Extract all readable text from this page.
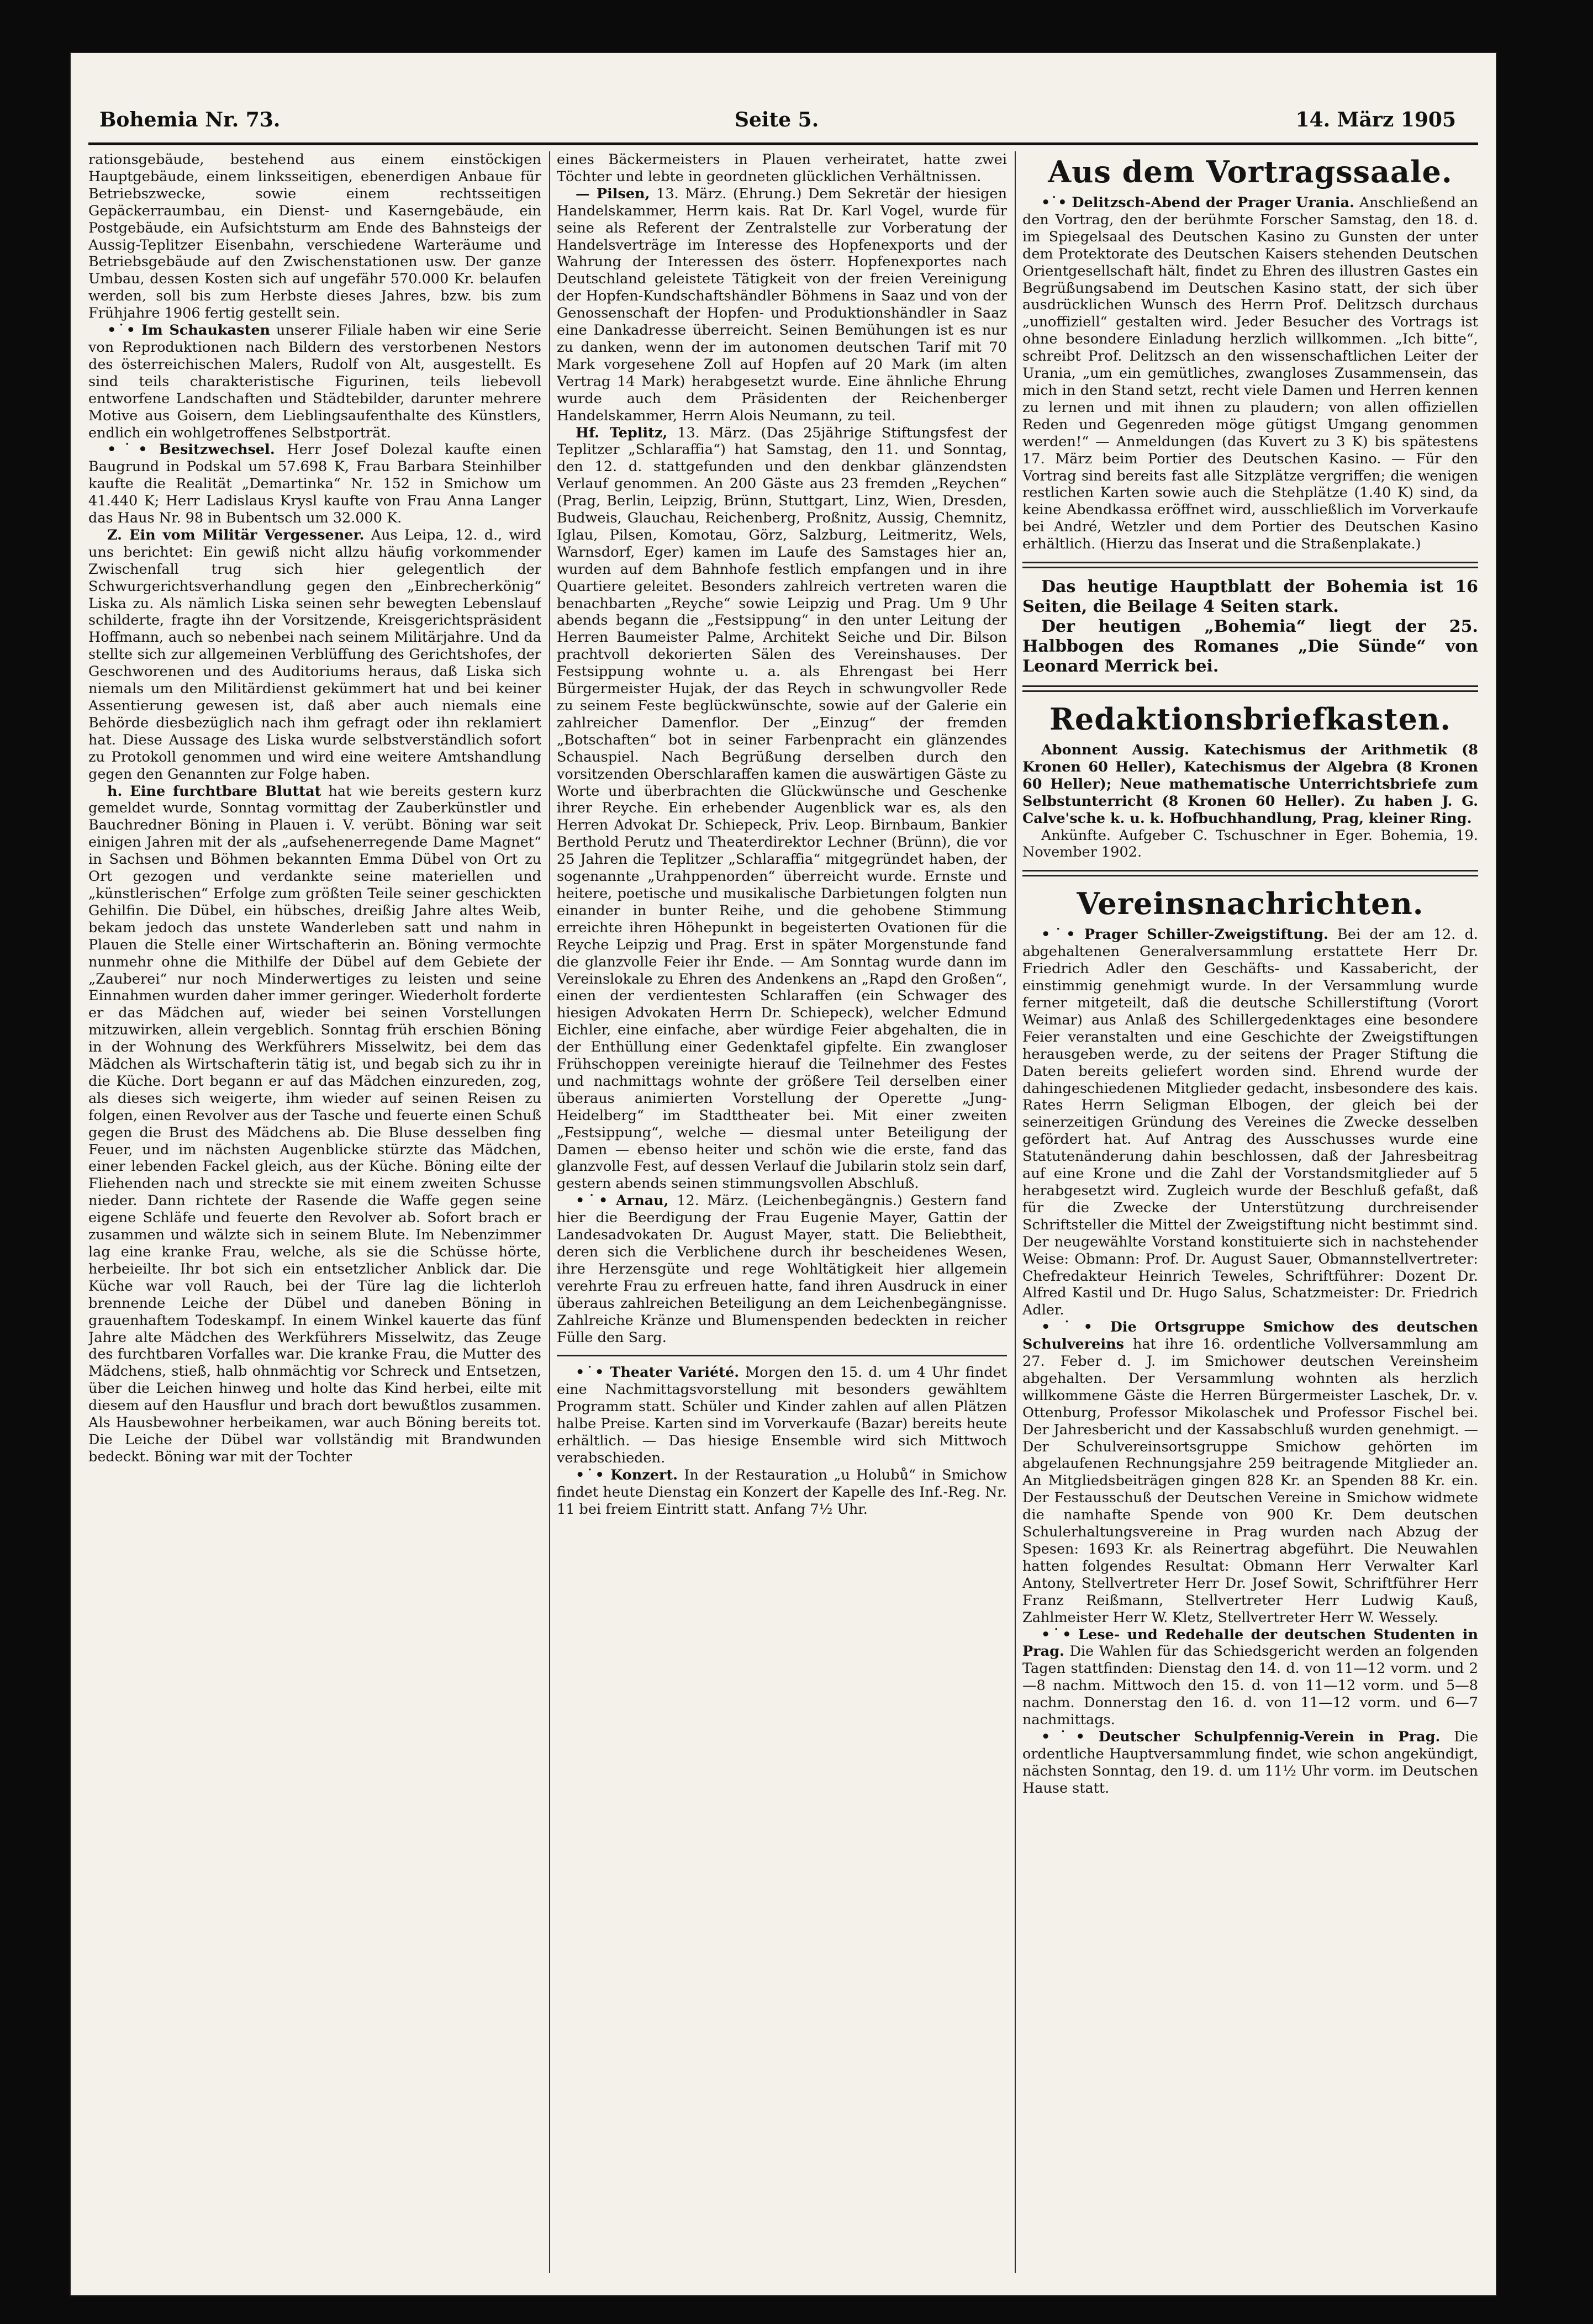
Bohemia Nr. 73.	Seite 5.	14. März 1905

rationsgebäude, bestehend aus einem einstöckigen Hauptgebäude, einem linksseitigen, ebenerdigen Anbaue für Betriebszwecke, sowie einem rechtsseitigen Gepäckerraumbau, ein Dienst- und Kaserngebäude, ein Postgebäude, ein Aufsichtsturm am Ende des Bahnsteigs der Aussig-Teplitzer Eisenbahn, verschiedene Warteräume und Betriebsgebäude auf den Zwischenstationen usw. Der ganze Umbau, dessen Kosten sich auf ungefähr 570.000 Kr. belaufen werden, soll bis zum Herbste dieses Jahres, bzw. bis zum Frühjahre 1906 fertig gestellt sein.

•˙• Im Schaukasten unserer Filiale haben wir eine Serie von Reproduktionen nach Bildern des verstorbenen Nestors des österreichischen Malers, Rudolf von Alt, ausgestellt. Es sind teils charakteristische Figurinen, teils liebevoll entworfene Landschaften und Städtebilder, darunter mehrere Motive aus Goisern, dem Lieblingsaufenthalte des Künstlers, endlich ein wohlgetroffenes Selbstporträt.

•˙• Besitzwechsel. Herr Josef Dolezal kaufte einen Baugrund in Podskal um 57.698 K, Frau Barbara Steinhilber kaufte die Realität „Demartinka“ Nr. 152 in Smichow um 41.440 K; Herr Ladislaus Krysl kaufte von Frau Anna Langer das Haus Nr. 98 in Bubentsch um 32.000 K.

Z. Ein vom Militär Vergessener. Aus Leipa, 12. d., wird uns berichtet: Ein gewiß nicht allzu häufig vorkommender Zwischenfall trug sich hier gelegentlich der Schwurgerichtsverhandlung gegen den „Einbrecherkönig“ Liska zu. Als nämlich Liska seinen sehr bewegten Lebenslauf schilderte, fragte ihn der Vorsitzende, Kreisgerichtspräsident Hoffmann, auch so nebenbei nach seinem Militärjahre. Und da stellte sich zur allgemeinen Verblüffung des Gerichtshofes, der Geschworenen und des Auditoriums heraus, daß Liska sich niemals um den Militärdienst gekümmert hat und bei keiner Assentierung gewesen ist, daß aber auch niemals eine Behörde diesbezüglich nach ihm gefragt oder ihn reklamiert hat. Diese Aussage des Liska wurde selbstverständlich sofort zu Protokoll genommen und wird eine weitere Amtshandlung gegen den Genannten zur Folge haben.

h. Eine furchtbare Bluttat hat wie bereits gestern kurz gemeldet wurde, Sonntag vormittag der Zauberkünstler und Bauchredner Böning in Plauen i. V. verübt. Böning war seit einigen Jahren mit der als „aufsehenerregende Dame Magnet“ in Sachsen und Böhmen bekannten Emma Dübel von Ort zu Ort gezogen und verdankte seine materiellen und „künstlerischen“ Erfolge zum größten Teile seiner geschickten Gehilfin. Die Dübel, ein hübsches, dreißig Jahre altes Weib, bekam jedoch das unstete Wanderleben satt und nahm in Plauen die Stelle einer Wirtschafterin an. Böning vermochte nunmehr ohne die Mithilfe der Dübel auf dem Gebiete der „Zauberei“ nur noch Minderwertiges zu leisten und seine Einnahmen wurden daher immer geringer. Wiederholt forderte er das Mädchen auf, wieder bei seinen Vorstellungen mitzuwirken, allein vergeblich. Sonntag früh erschien Böning in der Wohnung des Werkführers Misselwitz, bei dem das Mädchen als Wirtschafterin tätig ist, und begab sich zu ihr in die Küche. Dort begann er auf das Mädchen einzureden, zog, als dieses sich weigerte, ihm wieder auf seinen Reisen zu folgen, einen Revolver aus der Tasche und feuerte einen Schuß gegen die Brust des Mädchens ab. Die Bluse desselben fing Feuer, und im nächsten Augenblicke stürzte das Mädchen, einer lebenden Fackel gleich, aus der Küche. Böning eilte der Fliehenden nach und streckte sie mit einem zweiten Schusse nieder. Dann richtete der Rasende die Waffe gegen seine eigene Schläfe und feuerte den Revolver ab. Sofort brach er zusammen und wälzte sich in seinem Blute. Im Nebenzimmer lag eine kranke Frau, welche, als sie die Schüsse hörte, herbeieilte. Ihr bot sich ein entsetzlicher Anblick dar. Die Küche war voll Rauch, bei der Türe lag die lichterloh brennende Leiche der Dübel und daneben Böning in grauenhaftem Todeskampf. In einem Winkel kauerte das fünf Jahre alte Mädchen des Werkführers Misselwitz, das Zeuge des furchtbaren Vorfalles war. Die kranke Frau, die Mutter des Mädchens, stieß, halb ohnmächtig vor Schreck und Entsetzen, über die Leichen hinweg und holte das Kind herbei, eilte mit diesem auf den Hausflur und brach dort bewußtlos zusammen. Als Hausbewohner herbeikamen, war auch Böning bereits tot. Die Leiche der Dübel war vollständig mit Brandwunden bedeckt. Böning war mit der Tochter

eines Bäckermeisters in Plauen verheiratet, hatte zwei Töchter und lebte in geordneten glücklichen Verhältnissen.

— Pilsen, 13. März. (Ehrung.) Dem Sekretär der hiesigen Handelskammer, Herrn kais. Rat Dr. Karl Vogel, wurde für seine als Referent der Zentralstelle zur Vorberatung der Handelsverträge im Interesse des Hopfenexports und der Wahrung der Interessen des österr. Hopfenexportes nach Deutschland geleistete Tätigkeit von der freien Vereinigung der Hopfen-Kundschaftshändler Böhmens in Saaz und von der Genossenschaft der Hopfen- und Produktionshändler in Saaz eine Dankadresse überreicht. Seinen Bemühungen ist es nur zu danken, wenn der im autonomen deutschen Tarif mit 70 Mark vorgesehene Zoll auf Hopfen auf 20 Mark (im alten Vertrag 14 Mark) herabgesetzt wurde. Eine ähnliche Ehrung wurde auch dem Präsidenten der Reichenberger Handelskammer, Herrn Alois Neumann, zu teil.

Hf. Teplitz, 13. März. (Das 25jährige Stiftungsfest der Teplitzer „Schlaraffia“) hat Samstag, den 11. und Sonntag, den 12. d. stattgefunden und den denkbar glänzendsten Verlauf genommen. An 200 Gäste aus 23 fremden „Reychen“ (Prag, Berlin, Leipzig, Brünn, Stuttgart, Linz, Wien, Dresden, Budweis, Glauchau, Reichenberg, Proßnitz, Aussig, Chemnitz, Iglau, Pilsen, Komotau, Görz, Salzburg, Leitmeritz, Wels, Warnsdorf, Eger) kamen im Laufe des Samstages hier an, wurden auf dem Bahnhofe festlich empfangen und in ihre Quartiere geleitet. Besonders zahlreich vertreten waren die benachbarten „Reyche“ sowie Leipzig und Prag. Um 9 Uhr abends begann die „Festsippung“ in den unter Leitung der Herren Baumeister Palme, Architekt Seiche und Dir. Bilson prachtvoll dekorierten Sälen des Vereinshauses. Der Festsippung wohnte u. a. als Ehrengast bei Herr Bürgermeister Hujak, der das Reych in schwungvoller Rede zu seinem Feste beglückwünschte, sowie auf der Galerie ein zahlreicher Damenflor. Der „Einzug“ der fremden „Botschaften“ bot in seiner Farbenpracht ein glänzendes Schauspiel. Nach Begrüßung derselben durch den vorsitzenden Oberschlaraffen kamen die auswärtigen Gäste zu Worte und überbrachten die Glückwünsche und Geschenke ihrer Reyche. Ein erhebender Augenblick war es, als den Herren Advokat Dr. Schiepeck, Priv. Leop. Birnbaum, Bankier Berthold Perutz und Theaterdirektor Lechner (Brünn), die vor 25 Jahren die Teplitzer „Schlaraffia“ mitgegründet haben, der sogenannte „Urahppenorden“ überreicht wurde. Ernste und heitere, poetische und musikalische Darbietungen folgten nun einander in bunter Reihe, und die gehobene Stimmung erreichte ihren Höhepunkt in begeisterten Ovationen für die Reyche Leipzig und Prag. Erst in später Morgenstunde fand die glanzvolle Feier ihr Ende. — Am Sonntag wurde dann im Vereinslokale zu Ehren des Andenkens an „Rapd den Großen“, einen der verdientesten Schlaraffen (ein Schwager des hiesigen Advokaten Herrn Dr. Schiepeck), welcher Edmund Eichler, eine einfache, aber würdige Feier abgehalten, die in der Enthüllung einer Gedenktafel gipfelte. Ein zwangloser Frühschoppen vereinigte hierauf die Teilnehmer des Festes und nachmittags wohnte der größere Teil derselben einer überaus animierten Vorstellung der Operette „Jung-Heidelberg“ im Stadttheater bei. Mit einer zweiten „Festsippung“, welche — diesmal unter Beteiligung der Damen — ebenso heiter und schön wie die erste, fand das glanzvolle Fest, auf dessen Verlauf die Jubilarin stolz sein darf, gestern abends seinen stimmungsvollen Abschluß.

•˙• Arnau, 12. März. (Leichenbegängnis.) Gestern fand hier die Beerdigung der Frau Eugenie Mayer, Gattin der Landesadvokaten Dr. August Mayer, statt. Die Beliebtheit, deren sich die Verblichene durch ihr bescheidenes Wesen, ihre Herzensgüte und rege Wohltätigkeit hier allgemein verehrte Frau zu erfreuen hatte, fand ihren Ausdruck in einer überaus zahlreichen Beteiligung an dem Leichenbegängnisse. Zahlreiche Kränze und Blumenspenden bedeckten in reicher Fülle den Sarg.

•˙• Theater Variété. Morgen den 15. d. um 4 Uhr findet eine Nachmittagsvorstellung mit besonders gewähltem Programm statt. Schüler und Kinder zahlen auf allen Plätzen halbe Preise. Karten sind im Vorverkaufe (Bazar) bereits heute erhältlich. — Das hiesige Ensemble wird sich Mittwoch verabschieden.

•˙• Konzert. In der Restauration „u Holubů“ in Smichow findet heute Dienstag ein Konzert der Kapelle des Inf.-Reg. Nr. 11 bei freiem Eintritt statt. Anfang 7½ Uhr.

Aus dem Vortragssaale.

•˙• Delitzsch-Abend der Prager Urania. Anschließend an den Vortrag, den der berühmte Forscher Samstag, den 18. d. im Spiegelsaal des Deutschen Kasino zu Gunsten der unter dem Protektorate des Deutschen Kaisers stehenden Deutschen Orientgesellschaft hält, findet zu Ehren des illustren Gastes ein Begrüßungsabend im Deutschen Kasino statt, der sich über ausdrücklichen Wunsch des Herrn Prof. Delitzsch durchaus „unoffiziell“ gestalten wird. Jeder Besucher des Vortrags ist ohne besondere Einladung herzlich willkommen. „Ich bitte“, schreibt Prof. Delitzsch an den wissenschaftlichen Leiter der Urania, „um ein gemütliches, zwangloses Zusammensein, das mich in den Stand setzt, recht viele Damen und Herren kennen zu lernen und mit ihnen zu plaudern; von allen offiziellen Reden und Gegenreden möge gütigst Umgang genommen werden!“ — Anmeldungen (das Kuvert zu 3 K) bis spätestens 17. März beim Portier des Deutschen Kasino. — Für den Vortrag sind bereits fast alle Sitzplätze vergriffen; die wenigen restlichen Karten sowie auch die Stehplätze (1.40 K) sind, da keine Abendkassa eröffnet wird, ausschließlich im Vorverkaufe bei André, Wetzler und dem Portier des Deutschen Kasino erhältlich. (Hierzu das Inserat und die Straßenplakate.)

Das heutige Hauptblatt der Bohemia ist 16 Seiten, die Beilage 4 Seiten stark.

Der heutigen „Bohemia“ liegt der 25. Halbbogen des Romanes „Die Sünde“ von Leonard Merrick bei.

Redaktionsbriefkasten.

Abonnent Aussig. Katechismus der Arithmetik (8 Kronen 60 Heller), Katechismus der Algebra (8 Kronen 60 Heller); Neue mathematische Unterrichtsbriefe zum Selbstunterricht (8 Kronen 60 Heller). Zu haben J. G. Calve'sche k. u. k. Hofbuchhandlung, Prag, kleiner Ring.

Ankünfte. Aufgeber C. Tschuschner in Eger. Bohemia, 19. November 1902.

Vereinsnachrichten.

•˙• Prager Schiller-Zweigstiftung. Bei der am 12. d. abgehaltenen Generalversammlung erstattete Herr Dr. Friedrich Adler den Geschäfts- und Kassabericht, der einstimmig genehmigt wurde. In der Versammlung wurde ferner mitgeteilt, daß die deutsche Schillerstiftung (Vorort Weimar) aus Anlaß des Schillergedenktages eine besondere Feier veranstalten und eine Geschichte der Zweigstiftungen herausgeben werde, zu der seitens der Prager Stiftung die Daten bereits geliefert worden sind. Ehrend wurde der dahingeschiedenen Mitglieder gedacht, insbesondere des kais. Rates Herrn Seligman Elbogen, der gleich bei der seinerzeitigen Gründung des Vereines die Zwecke desselben gefördert hat. Auf Antrag des Ausschusses wurde eine Statutenänderung dahin beschlossen, daß der Jahresbeitrag auf eine Krone und die Zahl der Vorstandsmitglieder auf 5 herabgesetzt wird. Zugleich wurde der Beschluß gefaßt, daß für die Zwecke der Unterstützung durchreisender Schriftsteller die Mittel der Zweigstiftung nicht bestimmt sind. Der neugewählte Vorstand konstituierte sich in nachstehender Weise: Obmann: Prof. Dr. August Sauer, Obmannstellvertreter: Chefredakteur Heinrich Teweles, Schriftführer: Dozent Dr. Alfred Kastil und Dr. Hugo Salus, Schatzmeister: Dr. Friedrich Adler.

•˙• Die Ortsgruppe Smichow des deutschen Schulvereins hat ihre 16. ordentliche Vollversammlung am 27. Feber d. J. im Smichower deutschen Vereinsheim abgehalten. Der Versammlung wohnten als herzlich willkommene Gäste die Herren Bürgermeister Laschek, Dr. v. Ottenburg, Professor Mikolaschek und Professor Fischel bei. Der Jahresbericht und der Kassabschluß wurden genehmigt. — Der Schulvereinsortsgruppe Smichow gehörten im abgelaufenen Rechnungsjahre 259 beitragende Mitglieder an. An Mitgliedsbeiträgen gingen 828 Kr. an Spenden 88 Kr. ein. Der Festausschuß der Deutschen Vereine in Smichow widmete die namhafte Spende von 900 Kr. Dem deutschen Schulerhaltungsvereine in Prag wurden nach Abzug der Spesen: 1693 Kr. als Reinertrag abgeführt. Die Neuwahlen hatten folgendes Resultat: Obmann Herr Verwalter Karl Antony, Stellvertreter Herr Dr. Josef Sowit, Schriftführer Herr Franz Reißmann, Stellvertreter Herr Ludwig Kauß, Zahlmeister Herr W. Kletz, Stellvertreter Herr W. Wessely.

•˙• Lese- und Redehalle der deutschen Studenten in Prag. Die Wahlen für das Schiedsgericht werden an folgenden Tagen stattfinden: Dienstag den 14. d. von 11—12 vorm. und 2—8 nachm. Mittwoch den 15. d. von 11—12 vorm. und 5—8 nachm. Donnerstag den 16. d. von 11—12 vorm. und 6—7 nachmittags.

•˙• Deutscher Schulpfennig-Verein in Prag. Die ordentliche Hauptversammlung findet, wie schon angekündigt, nächsten Sonntag, den 19. d. um 11½ Uhr vorm. im Deutschen Hause statt.
